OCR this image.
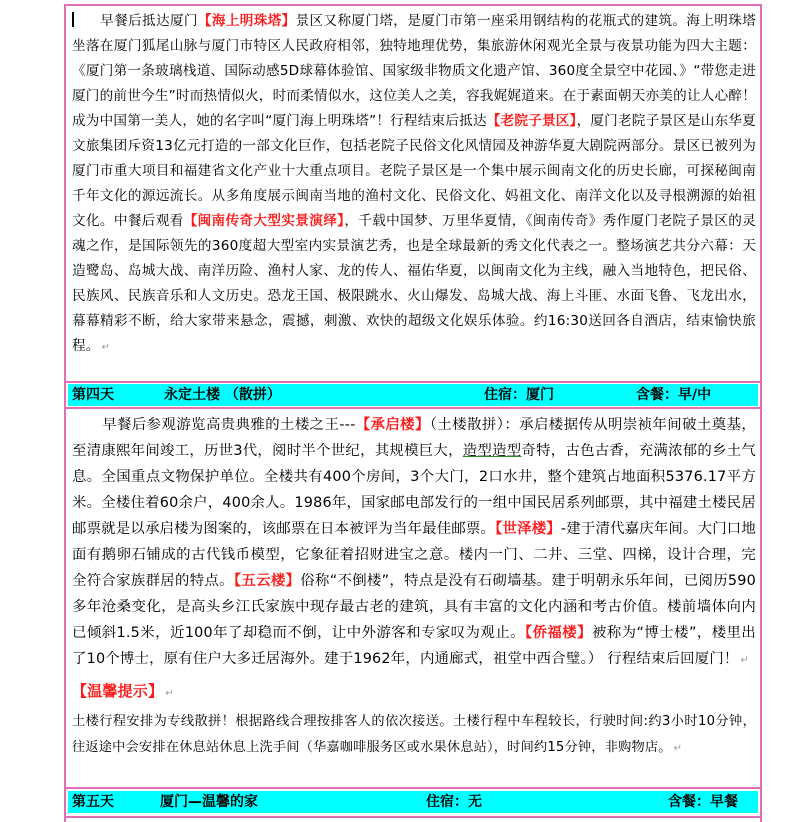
早餐后抵达厦门【海上明珠塔】景区又称厦门塔，是厦门市第一座采用钢结构的花瓶式的建筑。海上明珠塔坐落在厦门狐尾山脉与厦门市特区人民政府相邻，独特地理优势，集旅游休闲观光全景与夜景功能为四大主题：《厦门第一条玻璃栈道、国际动感5D球幕体验馆、国家级非物质文化遗产馆、360度全景空中花园、》“带您走进厦门的前世今生”时而热情似火，时而柔情似水，这位美人之美，容我娓娓道来。在于素面朝天亦美的让人心醉！成为中国第一美人，她的名字叫“厦门海上明珠塔”！行程结束后抵达【老院子景区】，厦门老院子景区是山东华夏文旅集团斥资13亿元打造的一部文化巨作，包括老院子民俗文化风情园及神游华夏大剧院两部分。景区已被列为厦门市重大项目和福建省文化产业十大重点项目。老院子景区是一个集中展示闽南文化的历史长廊，可探秘闽南千年文化的源远流长。从多角度展示闽南当地的渔村文化、民俗文化、妈祖文化、南洋文化以及寻根溯源的始祖文化。中餐后观看【闽南传奇大型实景演绎】，千载中国梦、万里华夏情，《闽南传奇》秀作厦门老院子景区的灵魂之作，是国际领先的360度超大型室内实景演艺秀，也是全球最新的秀文化代表之一。整场演艺共分六幕：天造鹭岛、岛城大战、南洋历险、渔村人家、龙的传人、福佑华夏，以闽南文化为主线，融入当地特色，把民俗、民族风、民族音乐和人文历史。恐龙王国、极限跳水、火山爆发、岛城大战、海上斗匪、水面飞鲁、飞龙出水，幕幕精彩不断，给大家带来悬念，震撼，刺激、欢快的超级文化娱乐体验。约16:30送回各自酒店，结束愉快旅程。 ↵
第四天	永定土楼 （散拼）	住宿：厦门	含餐：早/中
早餐后参观游览高贵典雅的土楼之王---【承启楼】（土楼散拼）：承启楼据传从明崇祯年间破土奠基，至清康熙年间竣工，历世3代，阅时半个世纪，其规模巨大，造型造型奇特，古色古香，充满浓郁的乡土气息。全国重点文物保护单位。全楼共有400个房间，3个大门，2口水井，整个建筑占地面积5376.17平方米。全楼住着60余户，400余人。1986年，国家邮电部发行的一组中国民居系列邮票，其中福建土楼民居邮票就是以承启楼为图案的，该邮票在日本被评为当年最佳邮票。【世泽楼】-建于清代嘉庆年间。大门口地面有鹅卵石铺成的古代钱币模型，它象征着招财进宝之意。楼内一门、二井、三堂、四梯，设计合理，完全符合家族群居的特点。【五云楼】俗称“不倒楼”，特点是没有石砌墙基。建于明朝永乐年间，已阅历590多年沧桑变化，是高头乡江氏家族中现存最古老的建筑，具有丰富的文化内涵和考古价值。楼前墙体向内已倾斜1.5米，近100年了却稳而不倒，让中外游客和专家叹为观止。【侨福楼】被称为“博士楼”，楼里出了10个博士，原有住户大多迁居海外。建于1962年，内通廊式，祖堂中西合璧。） 行程结束后回厦门！ ↵
【温馨提示】 ↵
土楼行程安排为专线散拼！根据路线合理按排客人的依次接送。土楼行程中车程较长，行驶时间:约3小时10分钟，往返途中会安排在休息站休息上洗手间（华嘉咖啡服务区或水果休息站），时间约15分钟，非购物店。 ↵
第五天	厦门—温馨的家	住宿：无	含餐：早餐
